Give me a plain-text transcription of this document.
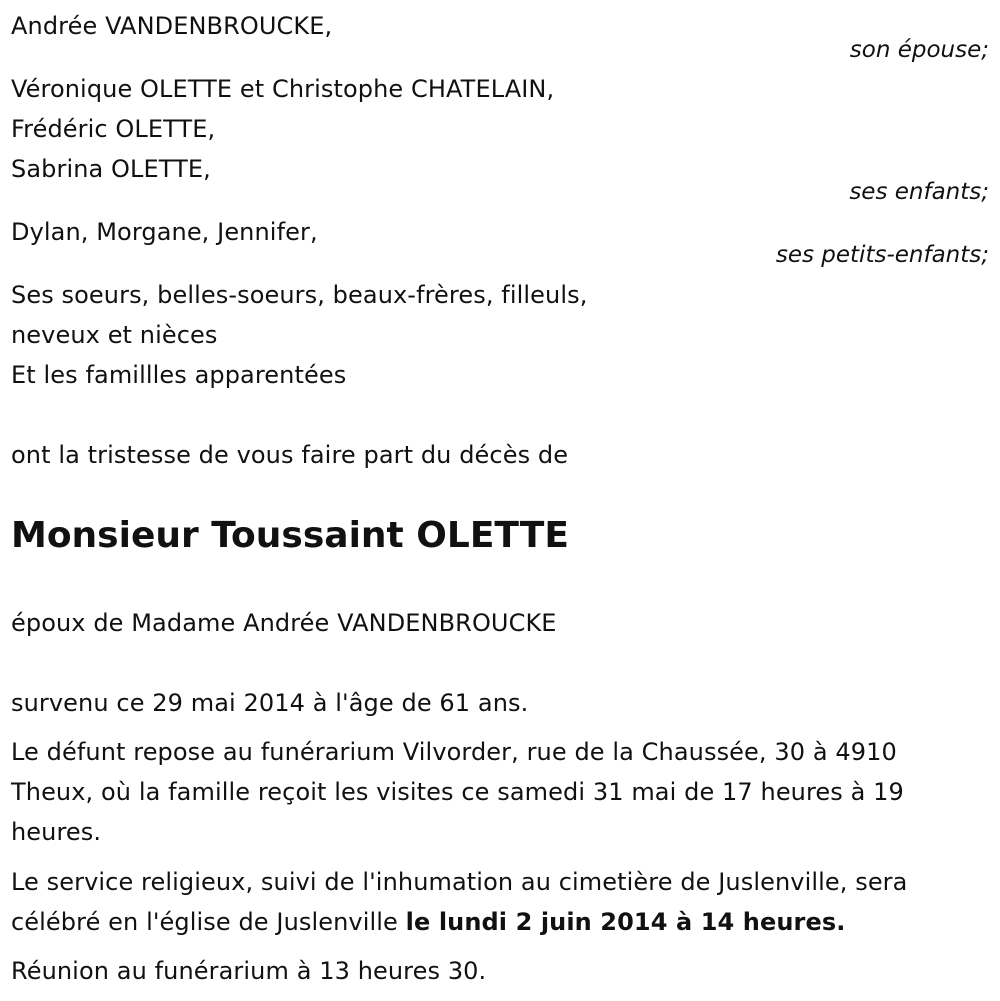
Andrée VANDENBROUCKE,
son épouse;
Véronique OLETTE et Christophe CHATELAIN,
Frédéric OLETTE,
Sabrina OLETTE,
ses enfants;
Dylan, Morgane, Jennifer,
ses petits-enfants;
Ses soeurs, belles-soeurs, beaux-frères, filleuls,
neveux et nièces
Et les famillles apparentées
ont la tristesse de vous faire part du décès de
Monsieur Toussaint OLETTE
époux de Madame Andrée VANDENBROUCKE
survenu ce 29 mai 2014 à l'âge de 61 ans.
Le défunt repose au funérarium Vilvorder, rue de la Chaussée, 30 à 4910 Theux, où la famille reçoit les visites ce samedi 31 mai de 17 heures à 19 heures.
Le service religieux, suivi de l'inhumation au cimetière de Juslenville, sera célébré en l'église de Juslenville le lundi 2 juin 2014 à 14 heures.
Réunion au funérarium à 13 heures 30.
